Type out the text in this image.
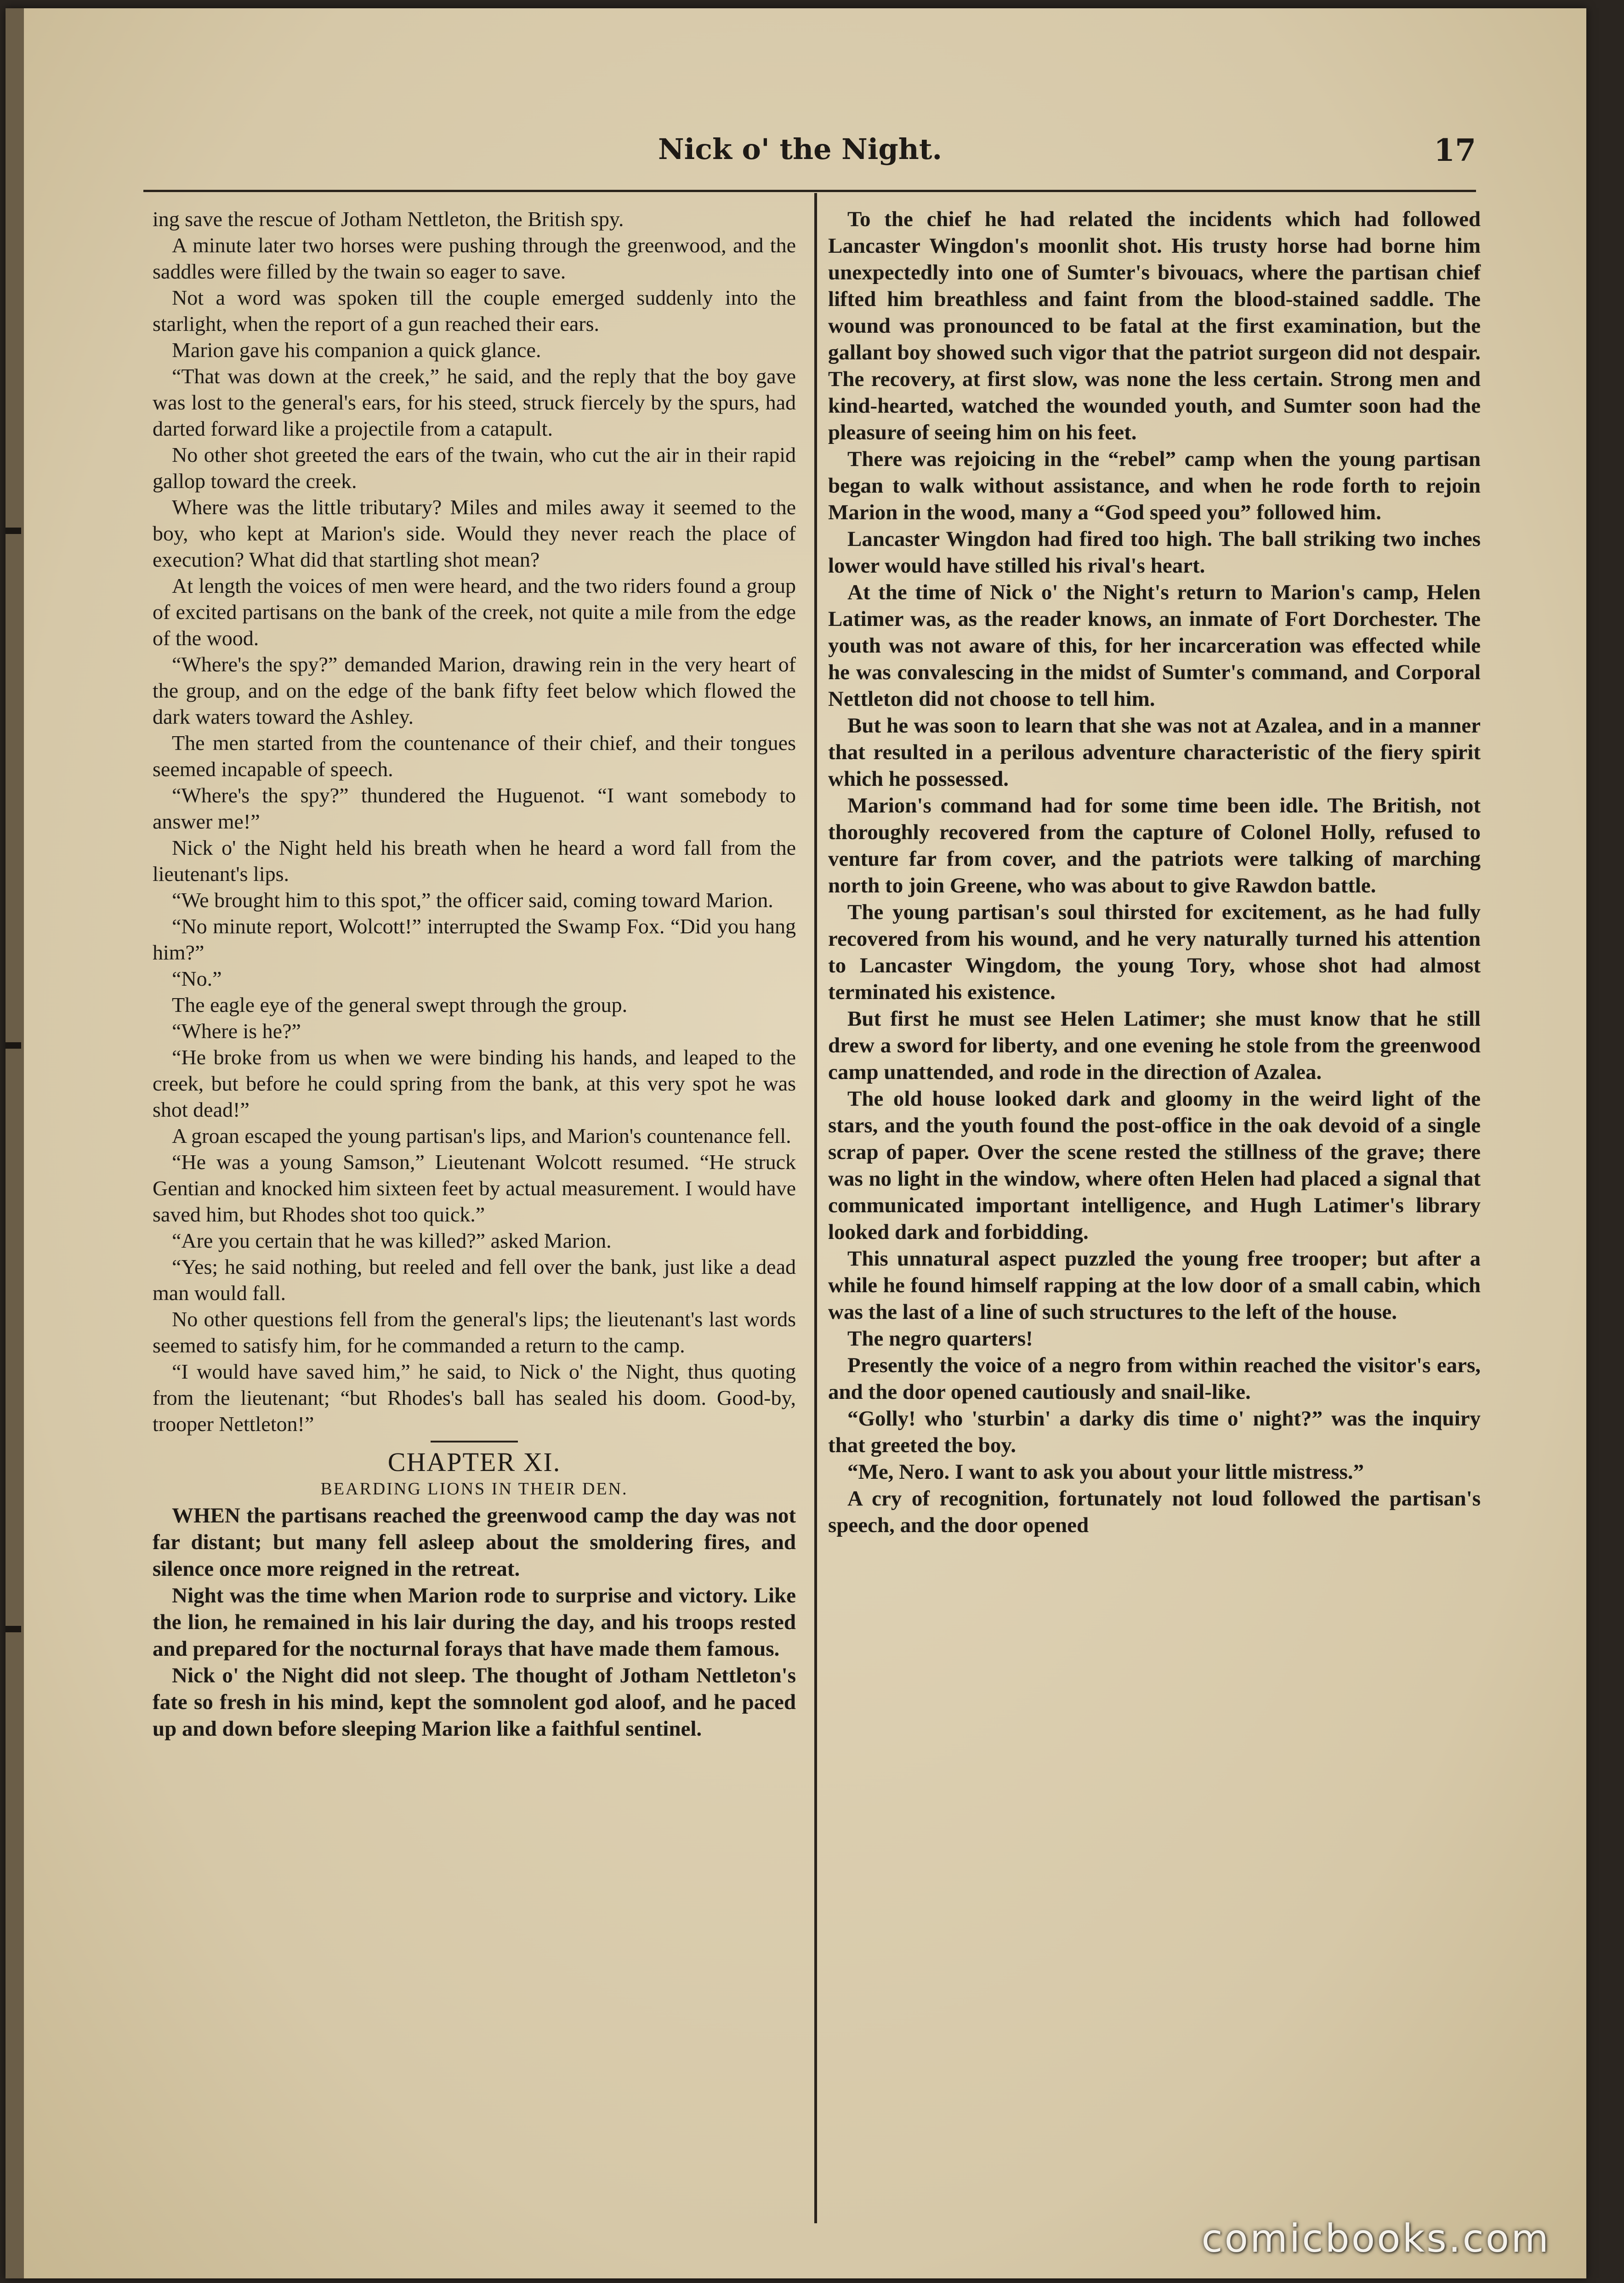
Nick o' the Night.	17

ing save the rescue of Jotham Nettleton, the British spy.

A minute later two horses were pushing through the greenwood, and the saddles were filled by the twain so eager to save.

Not a word was spoken till the couple emerged suddenly into the starlight, when the report of a gun reached their ears.

Marion gave his companion a quick glance.

“That was down at the creek,” he said, and the reply that the boy gave was lost to the general's ears, for his steed, struck fiercely by the spurs, had darted forward like a projectile from a catapult.

No other shot greeted the ears of the twain, who cut the air in their rapid gallop toward the creek.

Where was the little tributary? Miles and miles away it seemed to the boy, who kept at Marion's side. Would they never reach the place of execution? What did that startling shot mean?

At length the voices of men were heard, and the two riders found a group of excited partisans on the bank of the creek, not quite a mile from the edge of the wood.

“Where's the spy?” demanded Marion, drawing rein in the very heart of the group, and on the edge of the bank fifty feet below which flowed the dark waters toward the Ashley.

The men started from the countenance of their chief, and their tongues seemed incapable of speech.

“Where's the spy?” thundered the Huguenot. “I want somebody to answer me!”

Nick o' the Night held his breath when he heard a word fall from the lieutenant's lips.

“We brought him to this spot,” the officer said, coming toward Marion.

“No minute report, Wolcott!” interrupted the Swamp Fox. “Did you hang him?”

“No.”

The eagle eye of the general swept through the group.

“Where is he?”

“He broke from us when we were binding his hands, and leaped to the creek, but before he could spring from the bank, at this very spot he was shot dead!”

A groan escaped the young partisan's lips, and Marion's countenance fell.

“He was a young Samson,” Lieutenant Wolcott resumed. “He struck Gentian and knocked him sixteen feet by actual measurement. I would have saved him, but Rhodes shot too quick.”

“Are you certain that he was killed?” asked Marion.

“Yes; he said nothing, but reeled and fell over the bank, just like a dead man would fall.

No other questions fell from the general's lips; the lieutenant's last words seemed to satisfy him, for he commanded a return to the camp.

“I would have saved him,” he said, to Nick o' the Night, thus quoting from the lieutenant; “but Rhodes's ball has sealed his doom. Good-by, trooper Nettleton!”

CHAPTER XI.
BEARDING LIONS IN THEIR DEN.

WHEN the partisans reached the greenwood camp the day was not far distant; but many fell asleep about the smoldering fires, and silence once more reigned in the retreat.

Night was the time when Marion rode to surprise and victory. Like the lion, he remained in his lair during the day, and his troops rested and prepared for the nocturnal forays that have made them famous.

Nick o' the Night did not sleep. The thought of Jotham Nettleton's fate so fresh in his mind, kept the somnolent god aloof, and he paced up and down before sleeping Marion like a faithful sentinel.

To the chief he had related the incidents which had followed Lancaster Wingdon's moonlit shot. His trusty horse had borne him unexpectedly into one of Sumter's bivouacs, where the partisan chief lifted him breathless and faint from the blood-stained saddle. The wound was pronounced to be fatal at the first examination, but the gallant boy showed such vigor that the patriot surgeon did not despair. The recovery, at first slow, was none the less certain. Strong men and kind-hearted, watched the wounded youth, and Sumter soon had the pleasure of seeing him on his feet.

There was rejoicing in the “rebel” camp when the young partisan began to walk without assistance, and when he rode forth to rejoin Marion in the wood, many a “God speed you” followed him.

Lancaster Wingdon had fired too high. The ball striking two inches lower would have stilled his rival's heart.

At the time of Nick o' the Night's return to Marion's camp, Helen Latimer was, as the reader knows, an inmate of Fort Dorchester. The youth was not aware of this, for her incarceration was effected while he was convalescing in the midst of Sumter's command, and Corporal Nettleton did not choose to tell him.

But he was soon to learn that she was not at Azalea, and in a manner that resulted in a perilous adventure characteristic of the fiery spirit which he possessed.

Marion's command had for some time been idle. The British, not thoroughly recovered from the capture of Colonel Holly, refused to venture far from cover, and the patriots were talking of marching north to join Greene, who was about to give Rawdon battle.

The young partisan's soul thirsted for excitement, as he had fully recovered from his wound, and he very naturally turned his attention to Lancaster Wingdom, the young Tory, whose shot had almost terminated his existence.

But first he must see Helen Latimer; she must know that he still drew a sword for liberty, and one evening he stole from the greenwood camp unattended, and rode in the direction of Azalea.

The old house looked dark and gloomy in the weird light of the stars, and the youth found the post-office in the oak devoid of a single scrap of paper. Over the scene rested the stillness of the grave; there was no light in the window, where often Helen had placed a signal that communicated important intelligence, and Hugh Latimer's library looked dark and forbidding.

This unnatural aspect puzzled the young free trooper; but after a while he found himself rapping at the low door of a small cabin, which was the last of a line of such structures to the left of the house.

The negro quarters!

Presently the voice of a negro from within reached the visitor's ears, and the door opened cautiously and snail-like.

“Golly! who 'sturbin' a darky dis time o' night?” was the inquiry that greeted the boy.

“Me, Nero. I want to ask you about your little mistress.”

A cry of recognition, fortunately not loud followed the partisan's speech, and the door opened

comicbooks.com
